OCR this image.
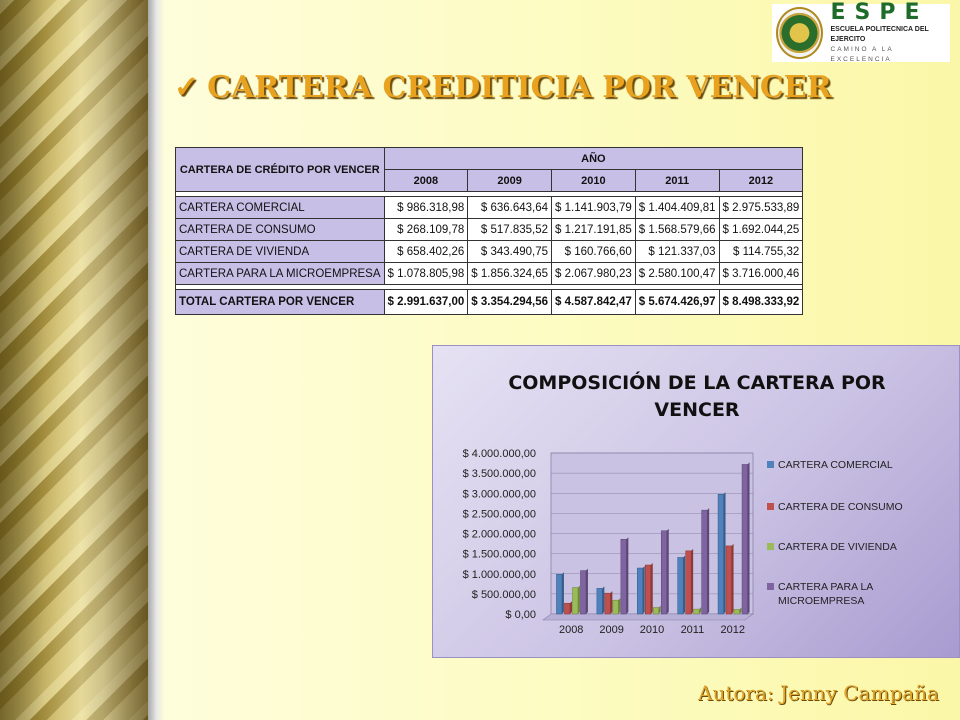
ESPE
ESCUELA POLITECNICA DEL EJERCITO
CAMINO A LA EXCELENCIA
✓ CARTERA CREDITICIA POR VENCER
CARTERA DE CRÉDITO POR VENCER	AÑO				
	2008	2009	2010	2011	2012

CARTERA COMERCIAL	$ 986.318,98	$ 636.643,64	$ 1.141.903,79	$ 1.404.409,81	$ 2.975.533,89
CARTERA DE CONSUMO	$ 268.109,78	$ 517.835,52	$ 1.217.191,85	$ 1.568.579,66	$ 1.692.044,25
CARTERA DE VIVIENDA	$ 658.402,26	$ 343.490,75	$ 160.766,60	$ 121.337,03	$ 114.755,32
CARTERA PARA LA MICROEMPRESA	$ 1.078.805,98	$ 1.856.324,65	$ 2.067.980,23	$ 2.580.100,47	$ 3.716.000,46

TOTAL CARTERA POR VENCER	$ 2.991.637,00	$ 3.354.294,56	$ 4.587.842,47	$ 5.674.426,97	$ 8.498.333,92
COMPOSICIÓN DE LA CARTERA POR
VENCER
$ 0,00
$ 500.000,00
$ 1.000.000,00
$ 1.500.000,00
$ 2.000.000,00
$ 2.500.000,00
$ 3.000.000,00
$ 3.500.000,00
$ 4.000.000,00
2008 2009 2010 2011 2012
CARTERA COMERCIAL
CARTERA DE CONSUMO
CARTERA DE VIVIENDA
CARTERA PARA LA
MICROEMPRESA
Autora: Jenny Campaña
